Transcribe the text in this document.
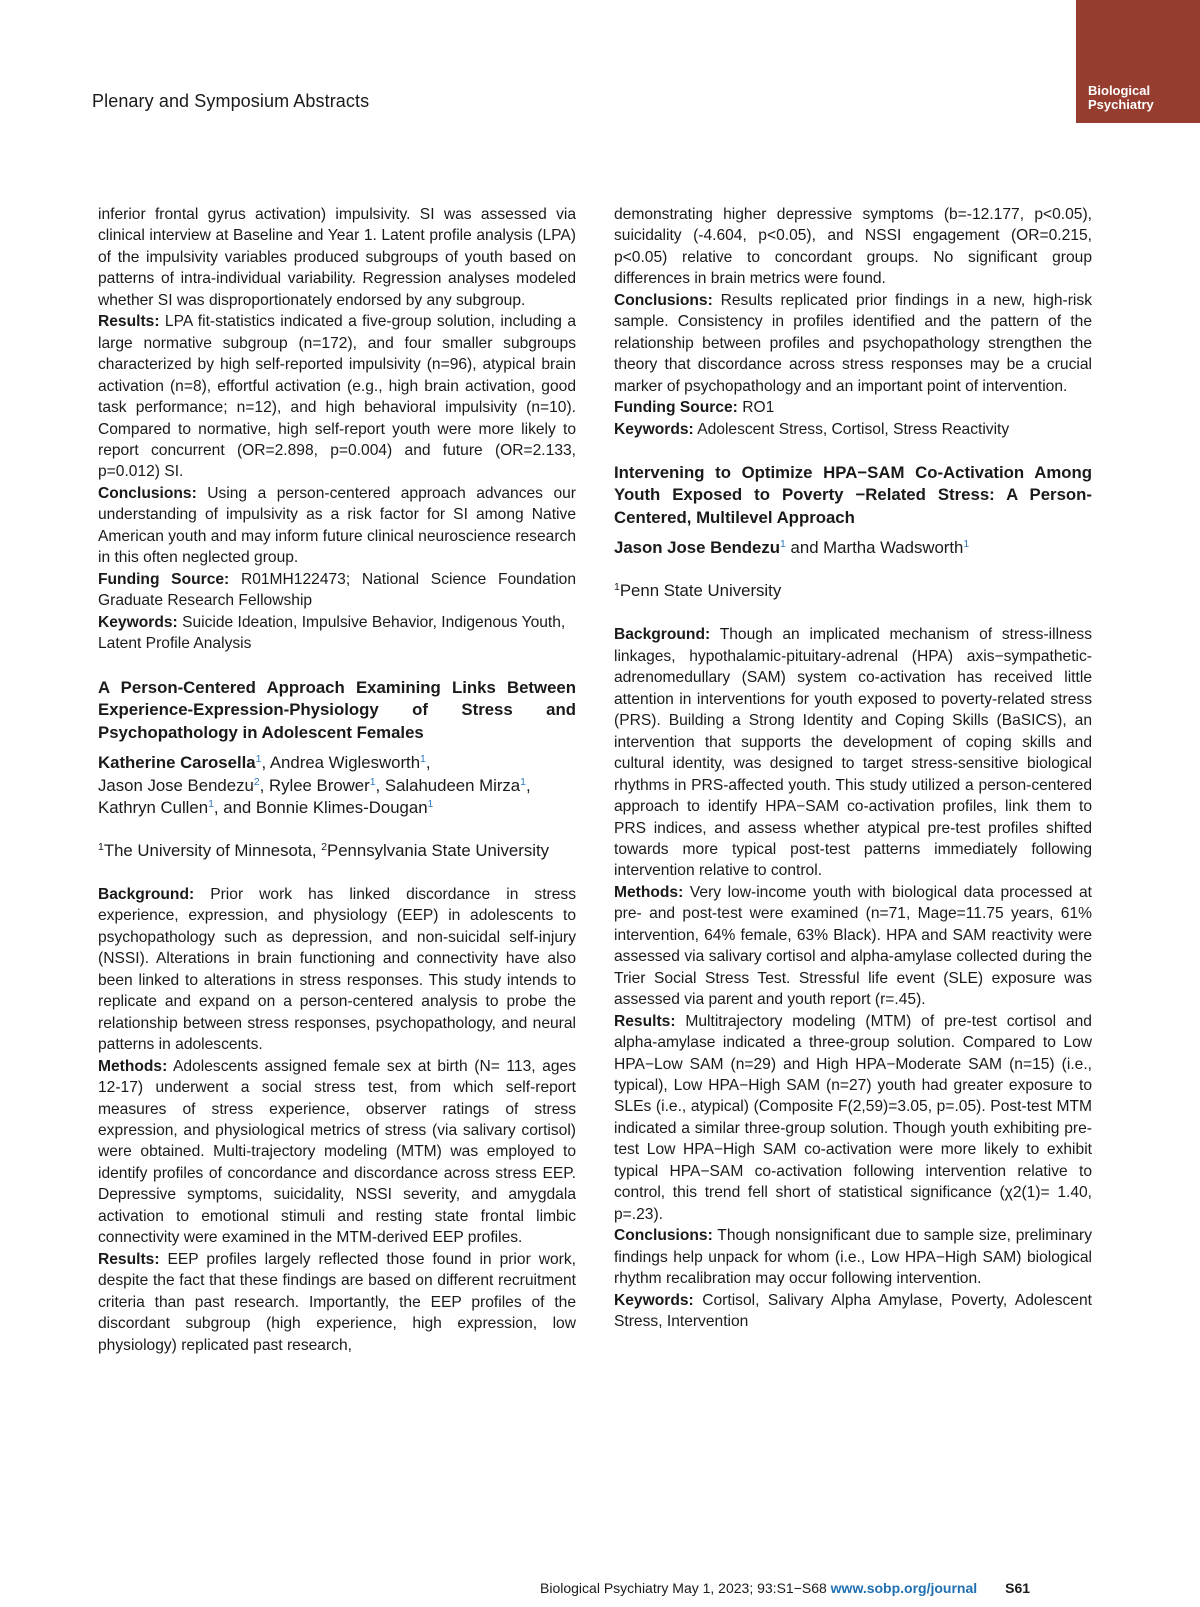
Plenary and Symposium Abstracts
Biological
Psychiatry

inferior frontal gyrus activation) impulsivity. SI was assessed via clinical interview at Baseline and Year 1. Latent profile analysis (LPA) of the impulsivity variables produced subgroups of youth based on patterns of intra-individual variability. Regression analyses modeled whether SI was disproportionately endorsed by any subgroup.

Results: LPA fit-statistics indicated a five-group solution, including a large normative subgroup (n=172), and four smaller subgroups characterized by high self-reported impulsivity (n=96), atypical brain activation (n=8), effortful activation (e.g., high brain activation, good task performance; n=12), and high behavioral impulsivity (n=10). Compared to normative, high self-report youth were more likely to report concurrent (OR=2.898, p=0.004) and future (OR=2.133, p=0.012) SI.

Conclusions: Using a person-centered approach advances our understanding of impulsivity as a risk factor for SI among Native American youth and may inform future clinical neuroscience research in this often neglected group.

Funding Source: R01MH122473; National Science Foundation Graduate Research Fellowship

Keywords: Suicide Ideation, Impulsive Behavior, Indigenous Youth, Latent Profile Analysis

A Person-Centered Approach Examining Links Between Experience-Expression-Physiology of Stress and Psychopathology in Adolescent Females

Katherine Carosella$^1$, Andrea Wiglesworth$^1$,
Jason Jose Bendezu$^2$, Rylee Brower$^1$, Salahudeen Mirza$^1$,
Kathryn Cullen$^1$, and Bonnie Klimes-Dougan$^1$
$^1$The University of Minnesota, $^2$Pennsylvania State University

Background: Prior work has linked discordance in stress experience, expression, and physiology (EEP) in adolescents to psychopathology such as depression, and non-suicidal self-injury (NSSI). Alterations in brain functioning and connectivity have also been linked to alterations in stress responses. This study intends to replicate and expand on a person-centered analysis to probe the relationship between stress responses, psychopathology, and neural patterns in adolescents.

Methods: Adolescents assigned female sex at birth (N= 113, ages 12-17) underwent a social stress test, from which self-report measures of stress experience, observer ratings of stress expression, and physiological metrics of stress (via salivary cortisol) were obtained. Multi-trajectory modeling (MTM) was employed to identify profiles of concordance and discordance across stress EEP. Depressive symptoms, suicidality, NSSI severity, and amygdala activation to emotional stimuli and resting state frontal limbic connectivity were examined in the MTM-derived EEP profiles.

Results: EEP profiles largely reflected those found in prior work, despite the fact that these findings are based on different recruitment criteria than past research. Importantly, the EEP profiles of the discordant subgroup (high experience, high expression, low physiology) replicated past research,

demonstrating higher depressive symptoms (b=-12.177, p<0.05), suicidality (-4.604, p<0.05), and NSSI engagement (OR=0.215, p<0.05) relative to concordant groups. No significant group differences in brain metrics were found.

Conclusions: Results replicated prior findings in a new, high-risk sample. Consistency in profiles identified and the pattern of the relationship between profiles and psychopathology strengthen the theory that discordance across stress responses may be a crucial marker of psychopathology and an important point of intervention.

Funding Source: RO1

Keywords: Adolescent Stress, Cortisol, Stress Reactivity

Intervening to Optimize HPA−SAM Co-Activation Among Youth Exposed to Poverty −Related Stress: A Person-Centered, Multilevel Approach

Jason Jose Bendezu$^1$ and Martha Wadsworth$^1$
$^1$Penn State University

Background: Though an implicated mechanism of stress-illness linkages, hypothalamic-pituitary-adrenal (HPA) axis−sympathetic-adrenomedullary (SAM) system co-activation has received little attention in interventions for youth exposed to poverty-related stress (PRS). Building a Strong Identity and Coping Skills (BaSICS), an intervention that supports the development of coping skills and cultural identity, was designed to target stress-sensitive biological rhythms in PRS-affected youth. This study utilized a person-centered approach to identify HPA−SAM co-activation profiles, link them to PRS indices, and assess whether atypical pre-test profiles shifted towards more typical post-test patterns immediately following intervention relative to control.

Methods: Very low-income youth with biological data processed at pre- and post-test were examined (n=71, Mage=11.75 years, 61% intervention, 64% female, 63% Black). HPA and SAM reactivity were assessed via salivary cortisol and alpha-amylase collected during the Trier Social Stress Test. Stressful life event (SLE) exposure was assessed via parent and youth report (r=.45).

Results: Multitrajectory modeling (MTM) of pre-test cortisol and alpha-amylase indicated a three-group solution. Compared to Low HPA−Low SAM (n=29) and High HPA−Moderate SAM (n=15) (i.e., typical), Low HPA−High SAM (n=27) youth had greater exposure to SLEs (i.e., atypical) (Composite F(2,59)=3.05, p=.05). Post-test MTM indicated a similar three-group solution. Though youth exhibiting pre-test Low HPA−High SAM co-activation were more likely to exhibit typical HPA−SAM co-activation following intervention relative to control, this trend fell short of statistical significance (χ2(1)= 1.40, p=.23).

Conclusions: Though nonsignificant due to sample size, preliminary findings help unpack for whom (i.e., Low HPA−High SAM) biological rhythm recalibration may occur following intervention.

Keywords: Cortisol, Salivary Alpha Amylase, Poverty, Adolescent Stress, Intervention

Biological Psychiatry May 1, 2023; 93:S1−S68 www.sobp.org/journal S61
